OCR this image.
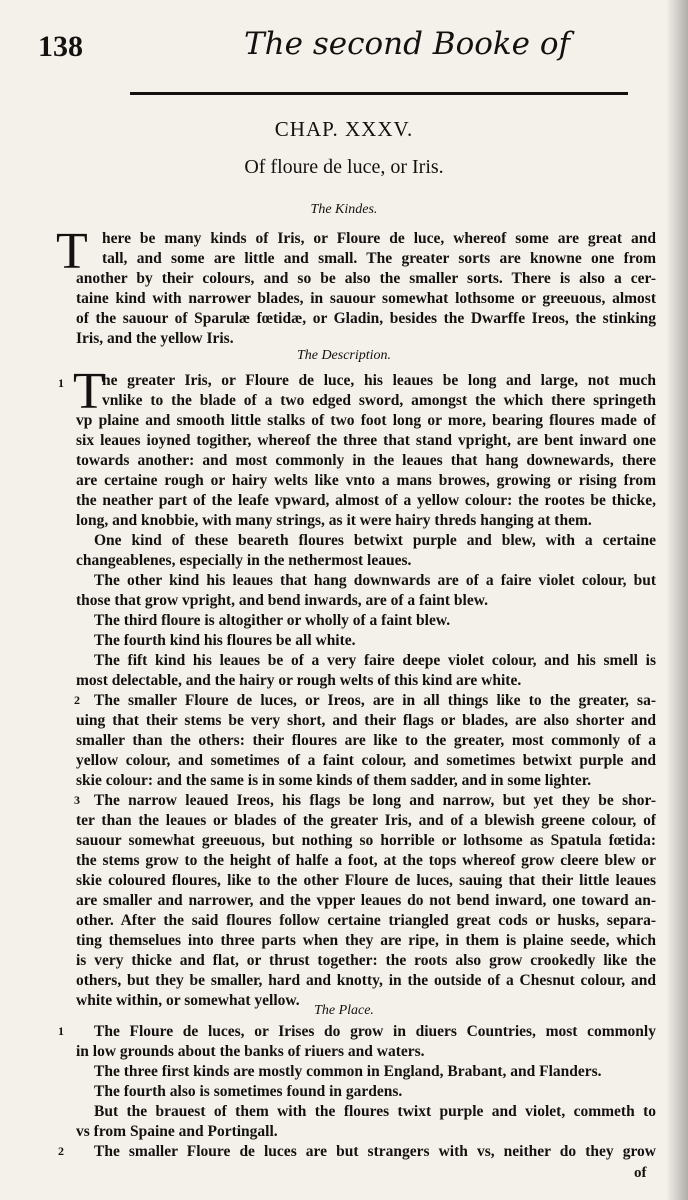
138	The second Booke of
CHAP. XXXV.
Of floure de luce, or Iris.
The Kindes.
T here be many kinds of Iris, or Floure de luce, whereof some are great and
tall, and some are little and small. The greater sorts are knowne one from
another by their colours, and so be also the smaller sorts. There is also a cer-
taine kind with narrower blades, in sauour somewhat lothsome or greeuous, almost
of the sauour of Sparulæ fœtidæ, or Gladin, besides the Dwarffe Ireos, the stinking
Iris, and the yellow Iris.
The Description.
1 T
he greater Iris, or Floure de luce, his leaues be long and large, not much
vnlike to the blade of a two edged sword, amongst the which there springeth
vp plaine and smooth little stalks of two foot long or more, bearing floures made of
six leaues ioyned togither, whereof the three that stand vpright, are bent inward one
towards another: and most commonly in the leaues that hang downewards, there
are certaine rough or hairy welts like vnto a mans browes, growing or rising from
the neather part of the leafe vpward, almost of a yellow colour: the rootes be thicke,
long, and knobbie, with many strings, as it were hairy threds hanging at them.
One kind of these beareth floures betwixt purple and blew, with a certaine
changeablenes, especially in the nethermost leaues.
The other kind his leaues that hang downwards are of a faire violet colour, but
those that grow vpright, and bend inwards, are of a faint blew.
The third floure is altogither or wholly of a faint blew.
The fourth kind his floures be all white.
The fift kind his leaues be of a very faire deepe violet colour, and his smell is
most delectable, and the hairy or rough welts of this kind are white.
2 The smaller Floure de luces, or Ireos, are in all things like to the greater, sa-
uing that their stems be very short, and their flags or blades, are also shorter and
smaller than the others: their floures are like to the greater, most commonly of a
yellow colour, and sometimes of a faint colour, and sometimes betwixt purple and
skie colour: and the same is in some kinds of them sadder, and in some lighter.
3 The narrow leaued Ireos, his flags be long and narrow, but yet they be shor-
ter than the leaues or blades of the greater Iris, and of a blewish greene colour, of
sauour somewhat greeuous, but nothing so horrible or lothsome as Spatula fœtida:
the stems grow to the height of halfe a foot, at the tops whereof grow cleere blew or
skie coloured floures, like to the other Floure de luces, sauing that their little leaues
are smaller and narrower, and the vpper leaues do not bend inward, one toward an-
other. After the said floures follow certaine triangled great cods or husks, separa-
ting themselues into three parts when they are ripe, in them is plaine seede, which
is very thicke and flat, or thrust together: the roots also grow crookedly like the
others, but they be smaller, hard and knotty, in the outside of a Chesnut colour, and
white within, or somewhat yellow.
The Place.
1 The Floure de luces, or Irises do grow in diuers Countries, most commonly
in low grounds about the banks of riuers and waters.
The three first kinds are mostly common in England, Brabant, and Flanders.
The fourth also is sometimes found in gardens.
But the brauest of them with the floures twixt purple and violet, commeth to
vs from Spaine and Portingall.
2 The smaller Floure de luces are but strangers with vs, neither do they grow
of
